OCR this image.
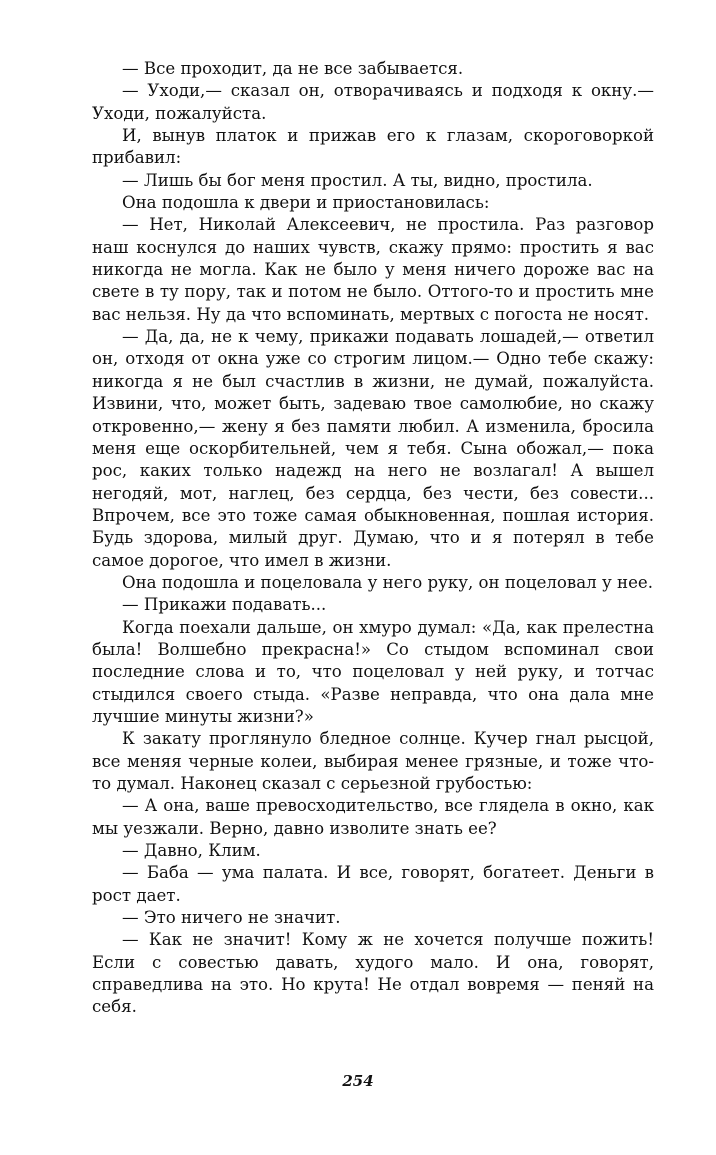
— Все проходит, да не все забывается.

— Уходи,— сказал он, отворачиваясь и подходя к окну.— Уходи, пожалуйста.

И, вынув платок и прижав его к глазам, скороговоркой прибавил:

— Лишь бы бог меня простил. А ты, видно, простила.

Она подошла к двери и приостановилась:

— Нет, Николай Алексеевич, не простила. Раз разговор наш коснулся до наших чувств, скажу прямо: простить я вас никогда не могла. Как не было у меня ничего дороже вас на свете в ту пору, так и потом не было. Оттого-то и простить мне вас нельзя. Ну да что вспоминать, мертвых с погоста не носят.

— Да, да, не к чему, прикажи подавать лошадей,— ответил он, отходя от окна уже со строгим лицом.— Одно тебе скажу: никогда я не был счастлив в жизни, не думай, пожалуйста. Извини, что, может быть, задеваю твое самолюбие, но скажу откровенно,— жену я без памяти любил. А изменила, бросила меня еще оскорбительней, чем я тебя. Сына обожал,— пока рос, каких только надежд на него не возлагал! А вышел негодяй, мот, наглец, без сердца, без чести, без совести... Впрочем, все это тоже самая обыкновенная, пошлая история. Будь здорова, милый друг. Думаю, что и я потерял в тебе самое дорогое, что имел в жизни.

Она подошла и поцеловала у него руку, он поцеловал у нее.

— Прикажи подавать...

Когда поехали дальше, он хмуро думал: «Да, как прелестна была! Волшебно прекрасна!» Со стыдом вспоминал свои последние слова и то, что поцеловал у ней руку, и тотчас стыдился своего стыда. «Разве неправда, что она дала мне лучшие минуты жизни?»

К закату проглянуло бледное солнце. Кучер гнал рысцой, все меняя черные колеи, выбирая менее грязные, и тоже что-то думал. Наконец сказал с серьезной грубостью:

— А она, ваше превосходительство, все глядела в окно, как мы уезжали. Верно, давно изволите знать ее?

— Давно, Клим.

— Баба — ума палата. И все, говорят, богатеет. Деньги в рост дает.

— Это ничего не значит.

— Как не значит! Кому ж не хочется получше пожить! Если с совестью давать, худого мало. И она, говорят, справедлива на это. Но крута! Не отдал вовремя — пеняй на себя.

254
